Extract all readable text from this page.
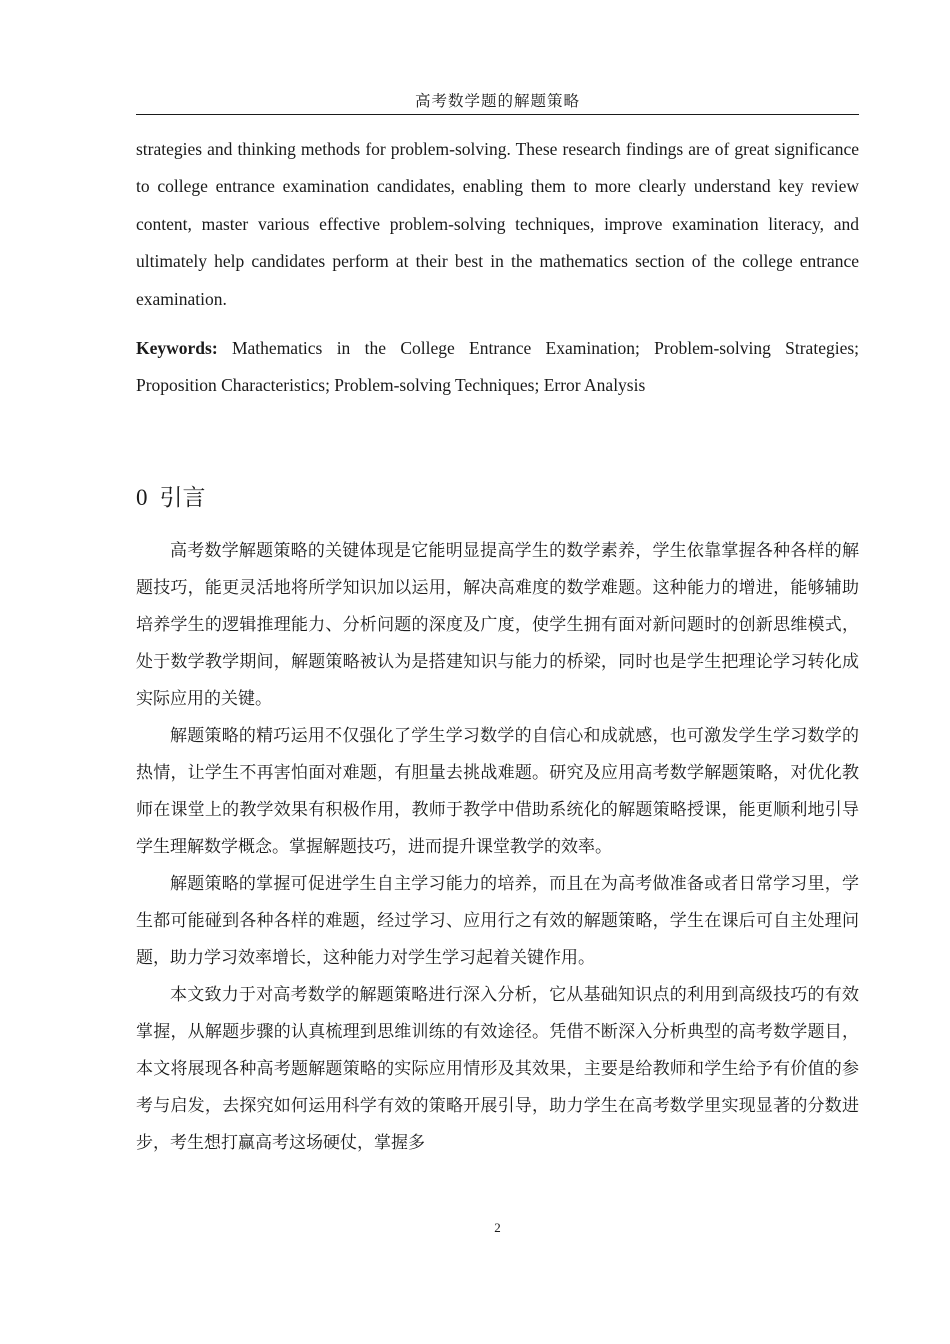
高考数学题的解题策略

strategies and thinking methods for problem-solving. These research findings are of great significance to college entrance examination candidates, enabling them to more clearly understand key review content, master various effective problem-solving techniques, improve examination literacy, and ultimately help candidates perform at their best in the mathematics section of the college entrance examination.

Keywords: Mathematics in the College Entrance Examination; Problem-solving Strategies; Proposition Characteristics; Problem-solving Techniques; Error Analysis

0 引言

高考数学解题策略的关键体现是它能明显提高学生的数学素养，学生依靠掌握各种各样的解题技巧，能更灵活地将所学知识加以运用，解决高难度的数学难题。这种能力的增进，能够辅助培养学生的逻辑推理能力、分析问题的深度及广度，使学生拥有面对新问题时的创新思维模式，处于数学教学期间，解题策略被认为是搭建知识与能力的桥梁，同时也是学生把理论学习转化成实际应用的关键。

解题策略的精巧运用不仅强化了学生学习数学的自信心和成就感，也可激发学生学习数学的热情，让学生不再害怕面对难题，有胆量去挑战难题。研究及应用高考数学解题策略，对优化教师在课堂上的教学效果有积极作用，教师于教学中借助系统化的解题策略授课，能更顺利地引导学生理解数学概念。掌握解题技巧，进而提升课堂教学的效率。

解题策略的掌握可促进学生自主学习能力的培养，而且在为高考做准备或者日常学习里，学生都可能碰到各种各样的难题，经过学习、应用行之有效的解题策略，学生在课后可自主处理问题，助力学习效率增长，这种能力对学生学习起着关键作用。

本文致力于对高考数学的解题策略进行深入分析，它从基础知识点的利用到高级技巧的有效掌握，从解题步骤的认真梳理到思维训练的有效途径。凭借不断深入分析典型的高考数学题目，本文将展现各种高考题解题策略的实际应用情形及其效果，主要是给教师和学生给予有价值的参考与启发，去探究如何运用科学有效的策略开展引导，助力学生在高考数学里实现显著的分数进步，考生想打赢高考这场硬仗，掌握多

2
